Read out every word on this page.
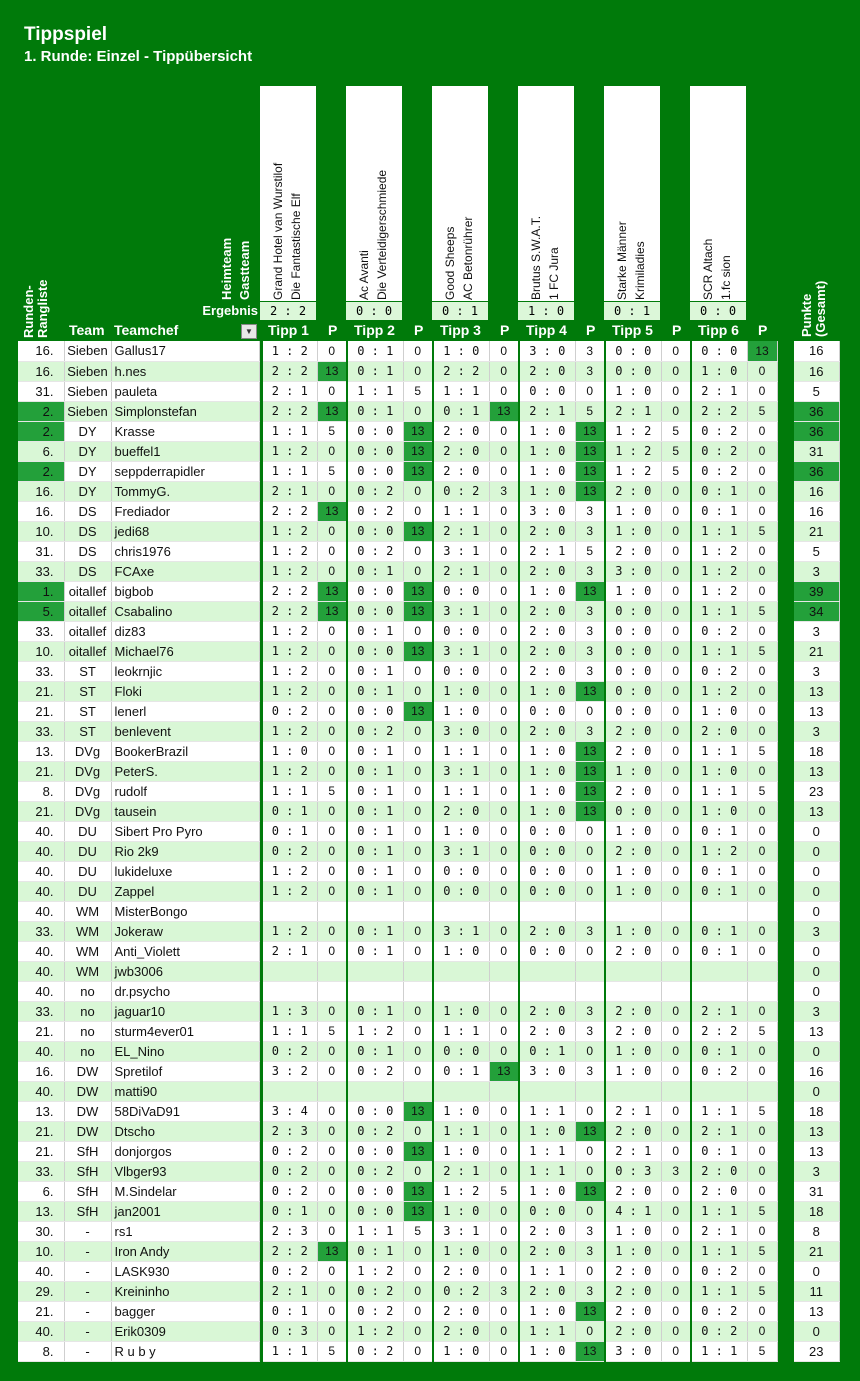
Tippspiel
1. Runde: Einzel - Tippübersicht
Runden-
Rangliste
Heimteam Gastteam
Ergebnis
Grand Hotel van Wurstilof Die Fantastische Elf
2 : 2
Tipp 1 P
Ac Avanti Die Verteidigerschmiede
0 : 0
Tipp 2 P
Good Sheeps AC Betonrührer
0 : 1
Tipp 3 P
Brutus S.W.A.T. 1 FC Jura
1 : 0
Tipp 4 P
Starke Männer Krimiladies
0 : 1
Tipp 5 P
SCR Altach 1.fc sion
0 : 0
Tipp 6 P
Team Teamchef	▼	Punkte
(Gesamt)
16.	Sieben	Gallus17		1 : 2	0	0 : 1	0	1 : 0	0	3 : 0	3	0 : 0	0	0 : 0	13		16
16.	Sieben	h.nes		2 : 2	13	0 : 1	0	2 : 2	0	2 : 0	3	0 : 0	0	1 : 0	0		16
31.	Sieben	pauleta		2 : 1	0	1 : 1	5	1 : 1	0	0 : 0	0	1 : 0	0	2 : 1	0		5
2.	Sieben	Simplonstefan		2 : 2	13	0 : 1	0	0 : 1	13	2 : 1	5	2 : 1	0	2 : 2	5		36
2.	DY	Krasse		1 : 1	5	0 : 0	13	2 : 0	0	1 : 0	13	1 : 2	5	0 : 2	0		36
6.	DY	bueffel1		1 : 2	0	0 : 0	13	2 : 0	0	1 : 0	13	1 : 2	5	0 : 2	0		31
2.	DY	seppderrapidler		1 : 1	5	0 : 0	13	2 : 0	0	1 : 0	13	1 : 2	5	0 : 2	0		36
16.	DY	TommyG.		2 : 1	0	0 : 2	0	0 : 2	3	1 : 0	13	2 : 0	0	0 : 1	0		16
16.	DS	Frediador		2 : 2	13	0 : 2	0	1 : 1	0	3 : 0	3	1 : 0	0	0 : 1	0		16
10.	DS	jedi68		1 : 2	0	0 : 0	13	2 : 1	0	2 : 0	3	1 : 0	0	1 : 1	5		21
31.	DS	chris1976		1 : 2	0	0 : 2	0	3 : 1	0	2 : 1	5	2 : 0	0	1 : 2	0		5
33.	DS	FCAxe		1 : 2	0	0 : 1	0	2 : 1	0	2 : 0	3	3 : 0	0	1 : 2	0		3
1.	oitallef	bigbob		2 : 2	13	0 : 0	13	0 : 0	0	1 : 0	13	1 : 0	0	1 : 2	0		39
5.	oitallef	Csabalino		2 : 2	13	0 : 0	13	3 : 1	0	2 : 0	3	0 : 0	0	1 : 1	5		34
33.	oitallef	diz83		1 : 2	0	0 : 1	0	0 : 0	0	2 : 0	3	0 : 0	0	0 : 2	0		3
10.	oitallef	Michael76		1 : 2	0	0 : 0	13	3 : 1	0	2 : 0	3	0 : 0	0	1 : 1	5		21
33.	ST	leokrnjic		1 : 2	0	0 : 1	0	0 : 0	0	2 : 0	3	0 : 0	0	0 : 2	0		3
21.	ST	Floki		1 : 2	0	0 : 1	0	1 : 0	0	1 : 0	13	0 : 0	0	1 : 2	0		13
21.	ST	lenerl		0 : 2	0	0 : 0	13	1 : 0	0	0 : 0	0	0 : 0	0	1 : 0	0		13
33.	ST	benlevent		1 : 2	0	0 : 2	0	3 : 0	0	2 : 0	3	2 : 0	0	2 : 0	0		3
13.	DVg	BookerBrazil		1 : 0	0	0 : 1	0	1 : 1	0	1 : 0	13	2 : 0	0	1 : 1	5		18
21.	DVg	PeterS.		1 : 2	0	0 : 1	0	3 : 1	0	1 : 0	13	1 : 0	0	1 : 0	0		13
8.	DVg	rudolf		1 : 1	5	0 : 1	0	1 : 1	0	1 : 0	13	2 : 0	0	1 : 1	5		23
21.	DVg	tausein		0 : 1	0	0 : 1	0	2 : 0	0	1 : 0	13	0 : 0	0	1 : 0	0		13
40.	DU	Sibert Pro Pyro		0 : 1	0	0 : 1	0	1 : 0	0	0 : 0	0	1 : 0	0	0 : 1	0		0
40.	DU	Rio 2k9		0 : 2	0	0 : 1	0	3 : 1	0	0 : 0	0	2 : 0	0	1 : 2	0		0
40.	DU	lukideluxe		1 : 2	0	0 : 1	0	0 : 0	0	0 : 0	0	1 : 0	0	0 : 1	0		0
40.	DU	Zappel		1 : 2	0	0 : 1	0	0 : 0	0	0 : 0	0	1 : 0	0	0 : 1	0		0
40.	WM	MisterBongo															0
33.	WM	Jokeraw		1 : 2	0	0 : 1	0	3 : 1	0	2 : 0	3	1 : 0	0	0 : 1	0		3
40.	WM	Anti_Violett		2 : 1	0	0 : 1	0	1 : 0	0	0 : 0	0	2 : 0	0	0 : 1	0		0
40.	WM	jwb3006															0
40.	no	dr.psycho															0
33.	no	jaguar10		1 : 3	0	0 : 1	0	1 : 0	0	2 : 0	3	2 : 0	0	2 : 1	0		3
21.	no	sturm4ever01		1 : 1	5	1 : 2	0	1 : 1	0	2 : 0	3	2 : 0	0	2 : 2	5		13
40.	no	EL_Nino		0 : 2	0	0 : 1	0	0 : 0	0	0 : 1	0	1 : 0	0	0 : 1	0		0
16.	DW	Spretilof		3 : 2	0	0 : 2	0	0 : 1	13	3 : 0	3	1 : 0	0	0 : 2	0		16
40.	DW	matti90															0
13.	DW	58DiVaD91		3 : 4	0	0 : 0	13	1 : 0	0	1 : 1	0	2 : 1	0	1 : 1	5		18
21.	DW	Dtscho		2 : 3	0	0 : 2	0	1 : 1	0	1 : 0	13	2 : 0	0	2 : 1	0		13
21.	SfH	donjorgos		0 : 2	0	0 : 0	13	1 : 0	0	1 : 1	0	2 : 1	0	0 : 1	0		13
33.	SfH	Vlbger93		0 : 2	0	0 : 2	0	2 : 1	0	1 : 1	0	0 : 3	3	2 : 0	0		3
6.	SfH	M.Sindelar		0 : 2	0	0 : 0	13	1 : 2	5	1 : 0	13	2 : 0	0	2 : 0	0		31
13.	SfH	jan2001		0 : 1	0	0 : 0	13	1 : 0	0	0 : 0	0	4 : 1	0	1 : 1	5		18
30.	-	rs1		2 : 3	0	1 : 1	5	3 : 1	0	2 : 0	3	1 : 0	0	2 : 1	0		8
10.	-	Iron Andy		2 : 2	13	0 : 1	0	1 : 0	0	2 : 0	3	1 : 0	0	1 : 1	5		21
40.	-	LASK930		0 : 2	0	1 : 2	0	2 : 0	0	1 : 1	0	2 : 0	0	0 : 2	0		0
29.	-	Kreininho		2 : 1	0	0 : 2	0	0 : 2	3	2 : 0	3	2 : 0	0	1 : 1	5		11
21.	-	bagger		0 : 1	0	0 : 2	0	2 : 0	0	1 : 0	13	2 : 0	0	0 : 2	0		13
40.	-	Erik0309		0 : 3	0	1 : 2	0	2 : 0	0	1 : 1	0	2 : 0	0	0 : 2	0		0
8.	-	R u b y		1 : 1	5	0 : 2	0	1 : 0	0	1 : 0	13	3 : 0	0	1 : 1	5		23
